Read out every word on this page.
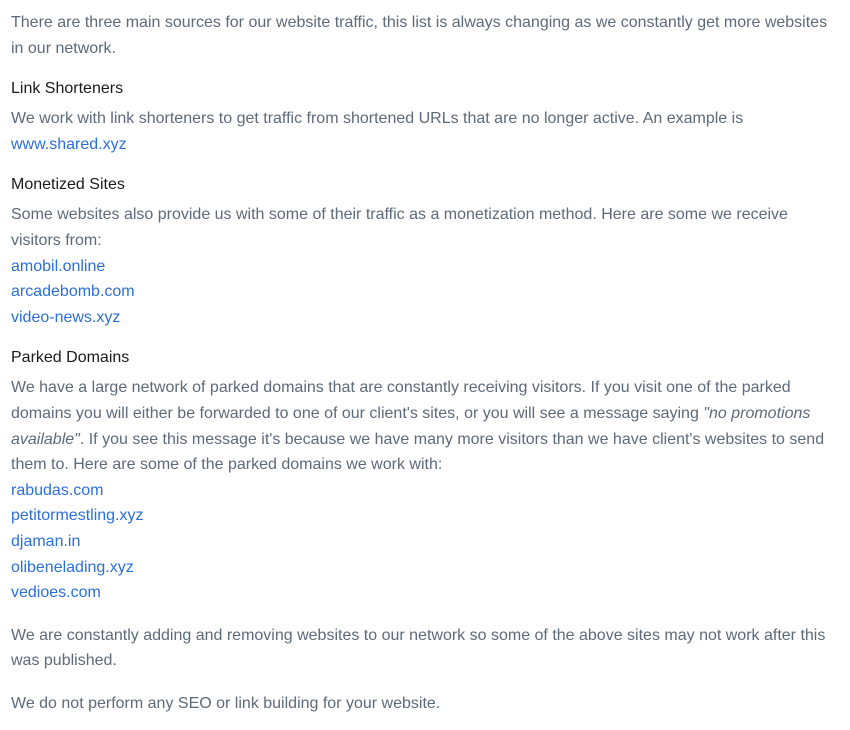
There are three main sources for our website traffic, this list is always changing as we constantly get more websites in our network.

Link Shorteners

We work with link shorteners to get traffic from shortened URLs that are no longer active. An example is

www.shared.xyz
Monetized Sites

Some websites also provide us with some of their traffic as a monetization method. Here are some we receive visitors from:

amobil.online
arcadebomb.com
video-news.xyz
Parked Domains

We have a large network of parked domains that are constantly receiving visitors. If you visit one of the parked domains you will either be forwarded to one of our client's sites, or you will see a message saying "no promotions available". If you see this message it's because we have many more visitors than we have client's websites to send them to. Here are some of the parked domains we work with:

rabudas.com
petitormestling.xyz
djaman.in
olibenelading.xyz
vedioes.com

We are constantly adding and removing websites to our network so some of the above sites may not work after this was published.

We do not perform any SEO or link building for your website.
